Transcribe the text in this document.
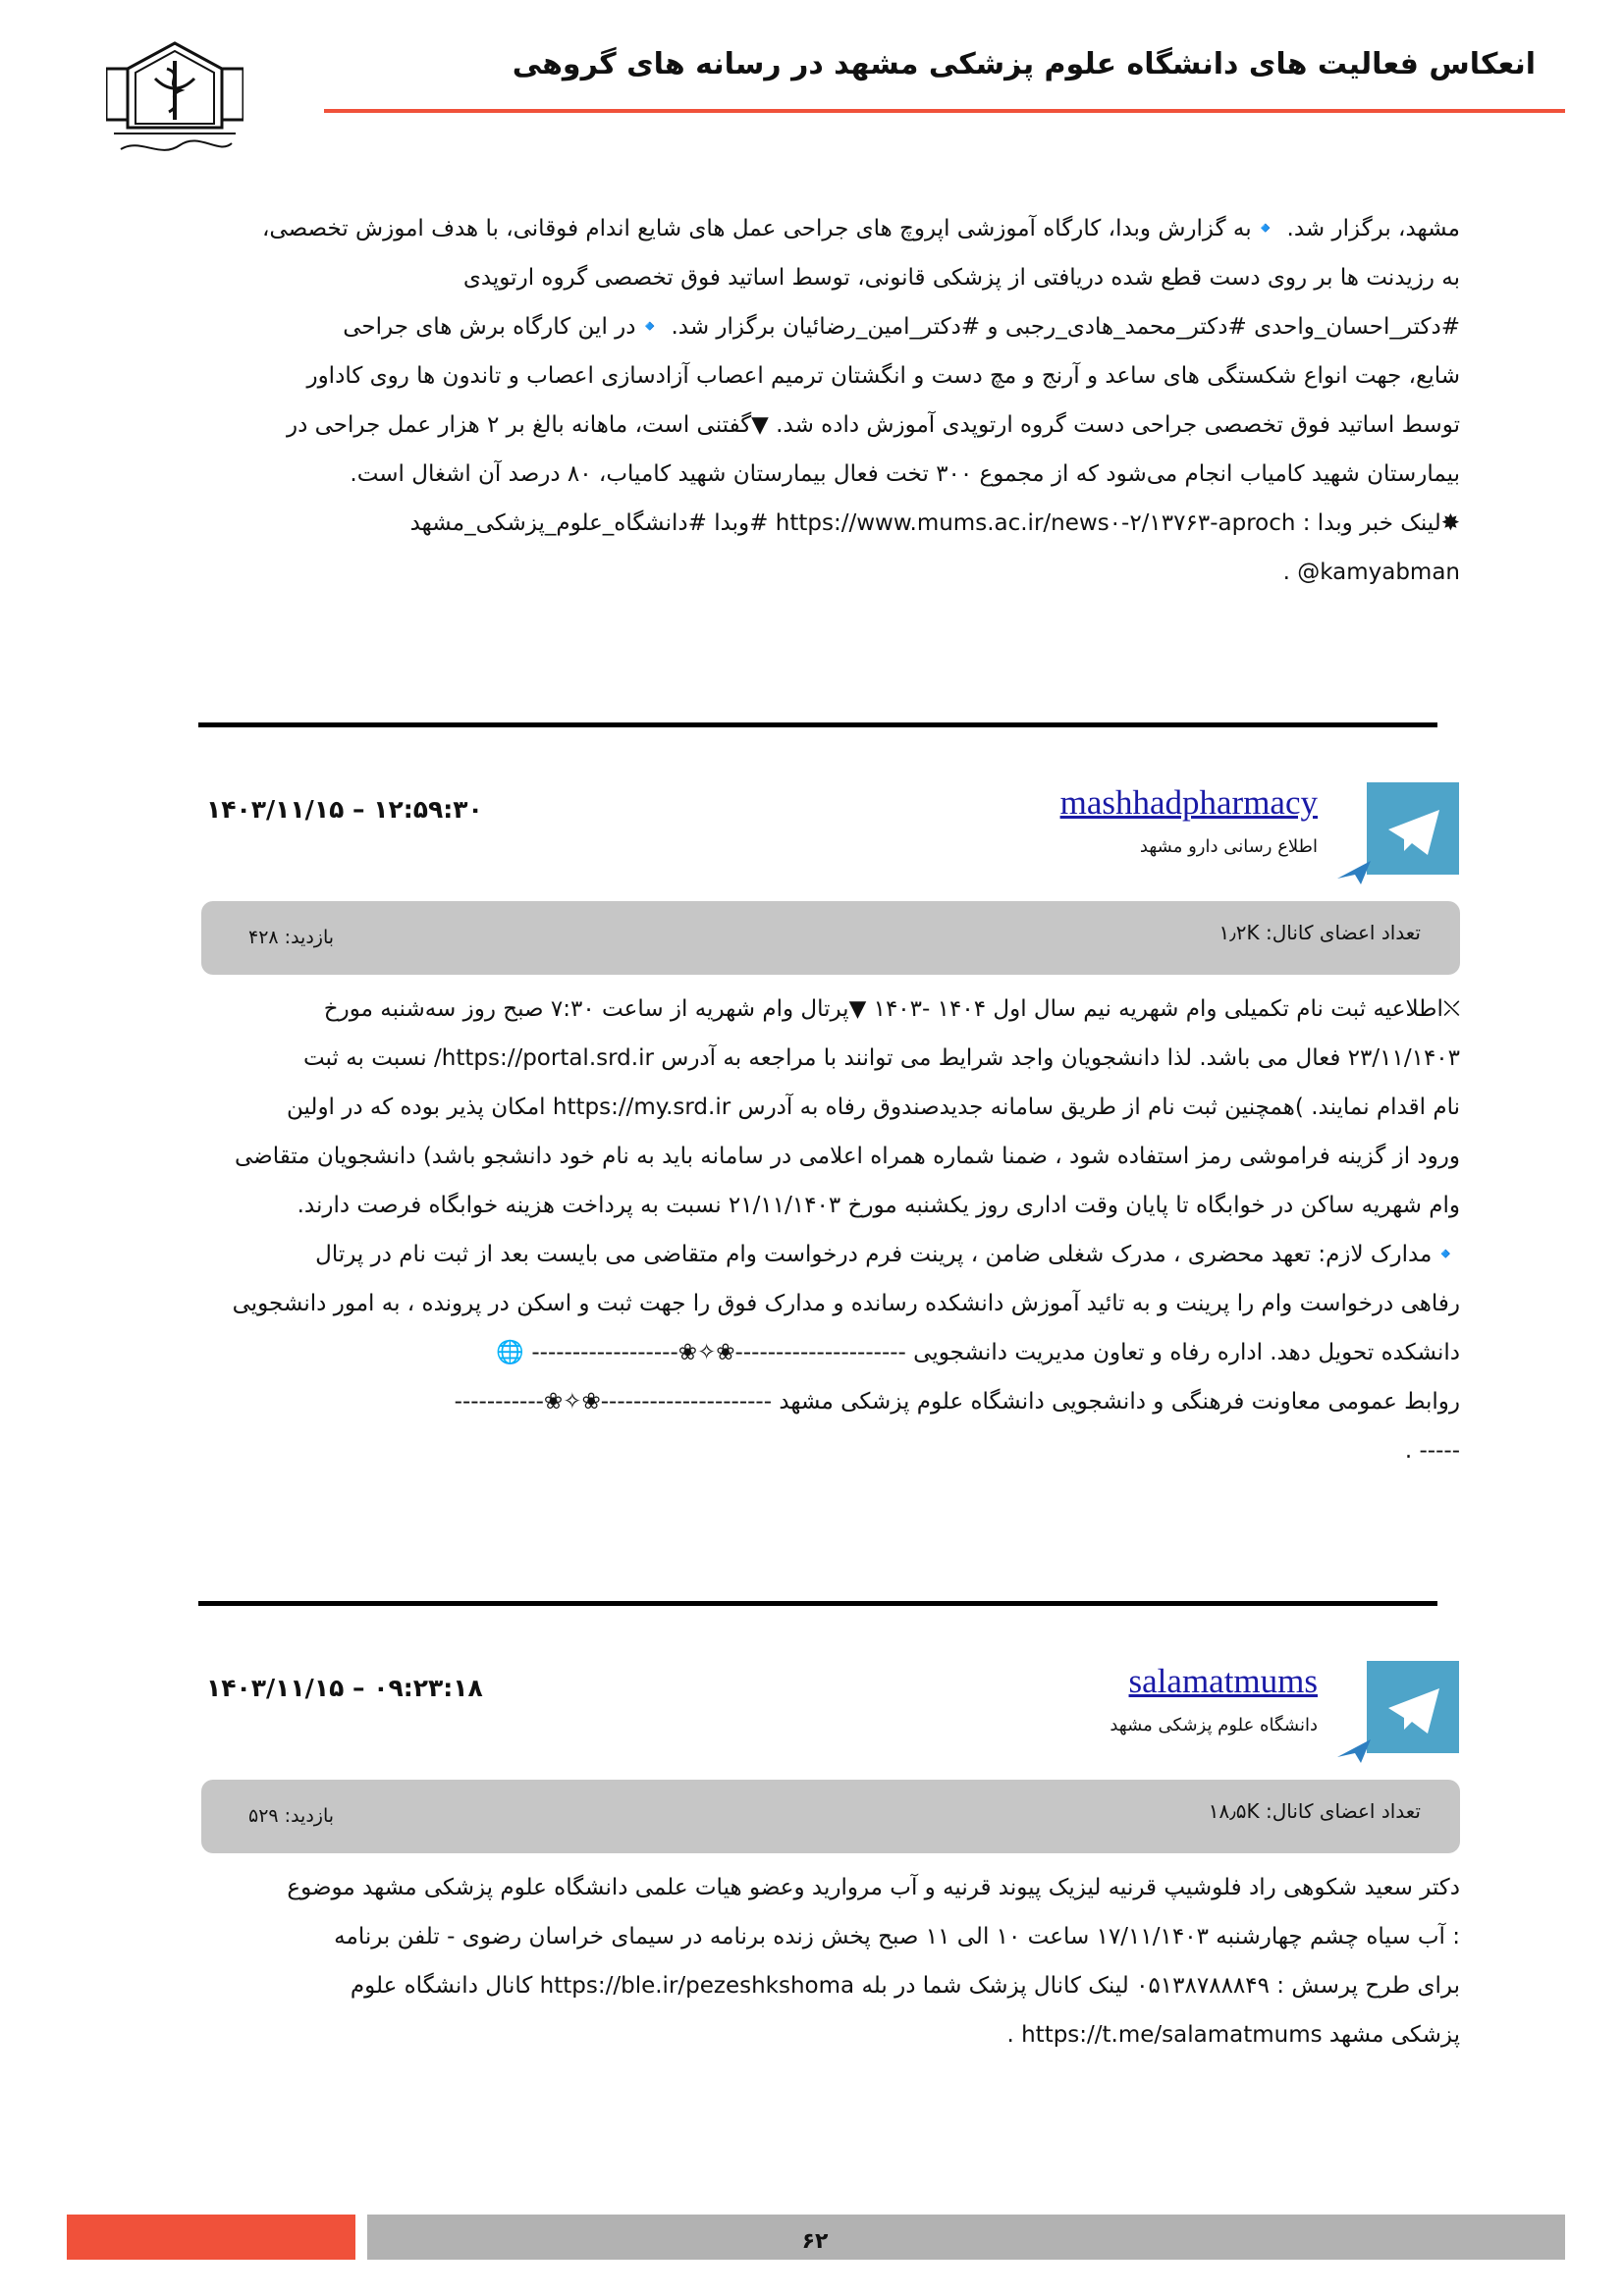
انعکاس فعالیت های دانشگاه علوم پزشکی مشهد در رسانه های گروهی
مشهد، برگزار شد. 🔹به گزارش وبدا، کارگاه آموزشی اپروچ های جراحی عمل های شایع اندام فوقانی، با هدف اموزش تخصصی،
به رزیدنت ها بر روی دست قطع شده دریافتی از پزشکی قانونی، توسط اساتید فوق تخصصی گروه ارتوپدی
#دکتر_احسان_واحدی #دکتر_محمد_هادی_رجبی و #دکتر_امین_رضائیان برگزار شد. 🔹در این کارگاه برش های جراحی
شایع، جهت انواع شکستگی های ساعد و آرنج و مچ دست و انگشتان ترمیم اعصاب آزادسازی اعصاب و تاندون ها روی کاداور
توسط اساتید فوق تخصصی جراحی دست گروه ارتوپدی آموزش داده شد. ▼گفتنی است، ماهانه بالغ بر ۲ هزار عمل جراحی در
بیمارستان شهید کامیاب انجام می‌شود که از مجموع ۳۰۰ تخت فعال بیمارستان شهید کامیاب، ۸۰ درصد آن اشغال است.
✸لینک خبر وبدا : https://www.mums.ac.ir/news۰-۲/۱۳۷۶۳-aproch #وبدا #دانشگاه_علوم_پزشکی_مشهد
kamyabman@ .
mashhadpharmacy
اطلاع رسانی دارو مشهد
۱۴۰۳/۱۱/۱۵ – ۱۲:۵۹:۳۰
تعداد اعضای کانال: ۱٫۲K
بازدید: ۴۲۸
⛌اطلاعیه ثبت نام تکمیلی وام شهریه نیم سال اول ۱۴۰۴ -۱۴۰۳ ▼پرتال وام شهریه از ساعت ۷:۳۰ صبح روز سه‌شنبه مورخ
۲۳/۱۱/۱۴۰۳ فعال می باشد. لذا دانشجویان واجد شرایط می توانند با مراجعه به آدرس https://portal.srd.ir/ نسبت به ثبت
نام اقدام نمایند. )همچنین ثبت نام از طریق سامانه جدیدصندوق رفاه به آدرس https://my.srd.ir امکان پذیر بوده که در اولین
ورود از گزینه فراموشی رمز استفاده شود ، ضمنا شماره همراه اعلامی در سامانه باید به نام خود دانشجو باشد) دانشجویان متقاضی
وام شهریه ساکن در خوابگاه تا پایان وقت اداری روز یکشنبه مورخ ۲۱/۱۱/۱۴۰۳ نسبت به پرداخت هزینه خوابگاه فرصت دارند.
🔹مدارک لازم: تعهد محضری ، مدرک شغلی ضامن ، پرینت فرم درخواست وام متقاضی می بایست بعد از ثبت نام در پرتال
رفاهی درخواست وام را پرینت و به تائید آموزش دانشکده رسانده و مدارک فوق را جهت ثبت و اسکن در پرونده ، به امور دانشجویی
دانشکده تحویل دهد. اداره رفاه و تعاون مدیریت دانشجویی ---------------------❀✧❀------------------ 🌐
روابط عمومی معاونت فرهنگی و دانشجویی دانشگاه علوم پزشکی مشهد ---------------------❀✧❀-----------
----- .
salamatmums
دانشگاه علوم پزشکی مشهد
۱۴۰۳/۱۱/۱۵ – ۰۹:۲۳:۱۸
تعداد اعضای کانال: ۱۸٫۵K
بازدید: ۵۲۹
دکتر سعید شکوهی راد فلوشیپ قرنیه لیزیک پیوند قرنیه و آب مروارید وعضو هیات علمی دانشگاه علوم پزشکی مشهد موضوع
: آب سیاه چشم چهارشنبه ۱۷/۱۱/۱۴۰۳ ساعت ۱۰ الی ۱۱ صبح پخش زنده برنامه در سیمای خراسان رضوی - تلفن برنامه
برای طرح پرسش : ۰۵۱۳۸۷۸۸۸۴۹ لینک کانال پزشک شما در بله https://ble.ir/pezeshkshoma کانال دانشگاه علوم
پزشکی مشهد https://t.me/salamatmums .
۶۲
